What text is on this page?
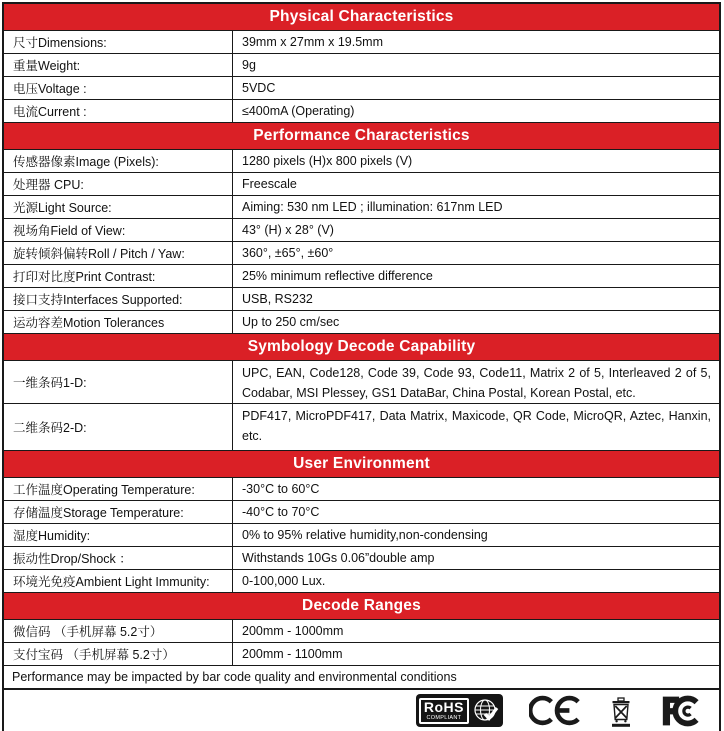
Physical Characteristics
尺寸Dimensions:	39mm x 27mm x 19.5mm
重量Weight:	9g
电压Voltage :	5VDC
电流Current :	≤400mA (Operating)
Performance Characteristics
传感器像素Image (Pixels):	1280 pixels (H)x 800 pixels (V)
处理器 CPU:	Freescale
光源Light Source:	Aiming: 530 nm LED ; illumination: 617nm LED
视场角Field of View:	43° (H) x 28° (V)
旋转倾斜偏转Roll / Pitch / Yaw:	360°, ±65°, ±60°
打印对比度Print Contrast:	25% minimum reflective difference
接口支持Interfaces Supported:	USB, RS232
运动容差Motion Tolerances	Up to 250 cm/sec
Symbology Decode Capability
一维条码1-D:
UPC, EAN, Code128, Code 39, Code 93, Code11, Matrix 2 of 5, Interleaved 2 of 5, Codabar, MSI Plessey, GS1 DataBar, China Postal, Korean Postal, etc.
二维条码2-D:
PDF417, MicroPDF417, Data Matrix, Maxicode, QR Code, MicroQR, Aztec, Hanxin, etc.
User Environment
工作温度Operating Temperature:	-30°C to 60°C
存储温度Storage Temperature:	-40°C to 70°C
湿度Humidity:	0% to 95% relative humidity,non-condensing
振动性Drop/Shock ：	Withstands 10Gs 0.06”double amp
环境光免疫Ambient Light Immunity:	0-100,000 Lux.
Decode Ranges
微信码 （手机屏幕 5.2寸）	200mm - 1000mm
支付宝码 （手机屏幕 5.2寸）	200mm - 1100mm
Performance may be impacted by bar code quality and environmental conditions
RoHS
COMPLIANT
